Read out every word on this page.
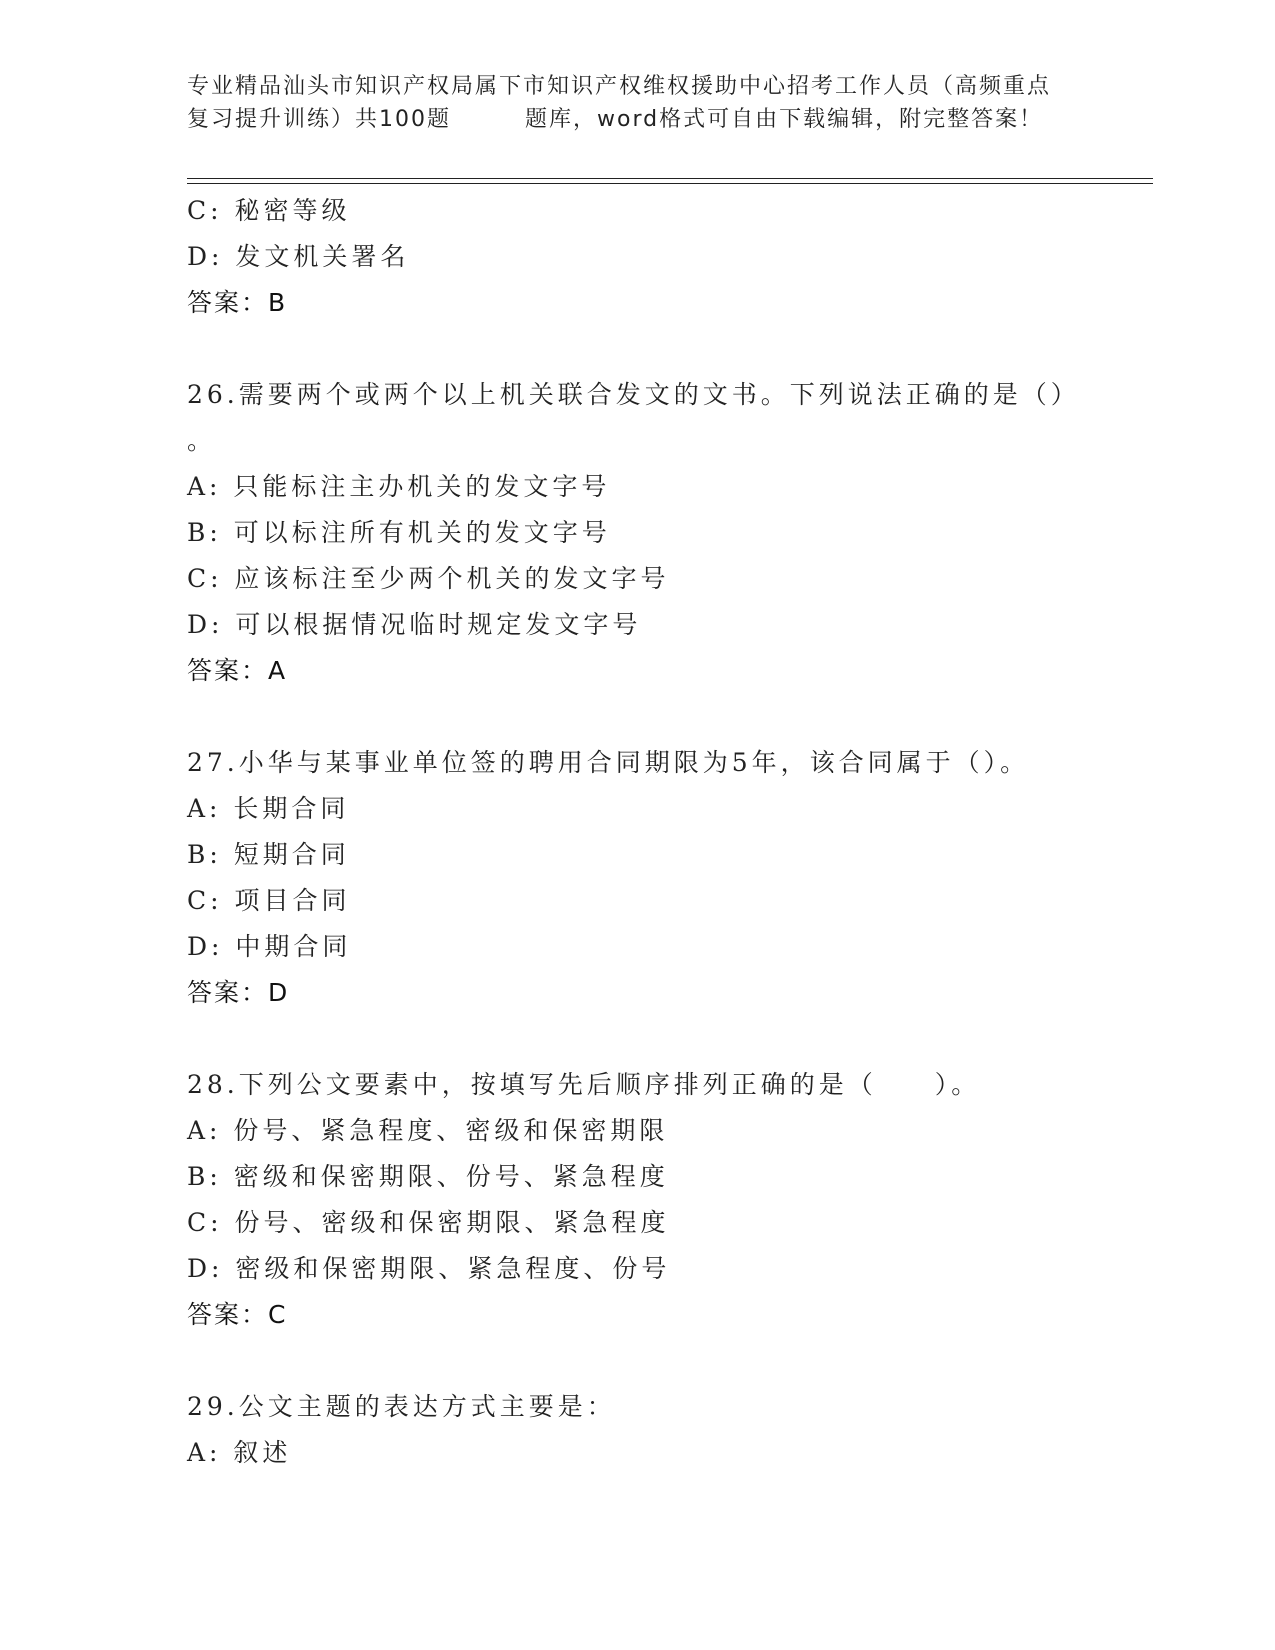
专业精品汕头市知识产权局属下市知识产权维权援助中心招考工作人员（高频重点
复习提升训练）共100题	题库，word格式可自由下载编辑，附完整答案！
C: 秘密等级
D: 发文机关署名
答案：B
26.需要两个或两个以上机关联合发文的文书。下列说法正确的是（）
。
A: 只能标注主办机关的发文字号
B: 可以标注所有机关的发文字号
C: 应该标注至少两个机关的发文字号
D: 可以根据情况临时规定发文字号
答案：A
27.小华与某事业单位签的聘用合同期限为5年，该合同属于（）。
A: 长期合同
B: 短期合同
C: 项目合同
D: 中期合同
答案：D
28.下列公文要素中，按填写先后顺序排列正确的是（　　）。
A: 份号、紧急程度、密级和保密期限
B: 密级和保密期限、份号、紧急程度
C: 份号、密级和保密期限、紧急程度
D: 密级和保密期限、紧急程度、份号
答案：C
29.公文主题的表达方式主要是：
A: 叙述
